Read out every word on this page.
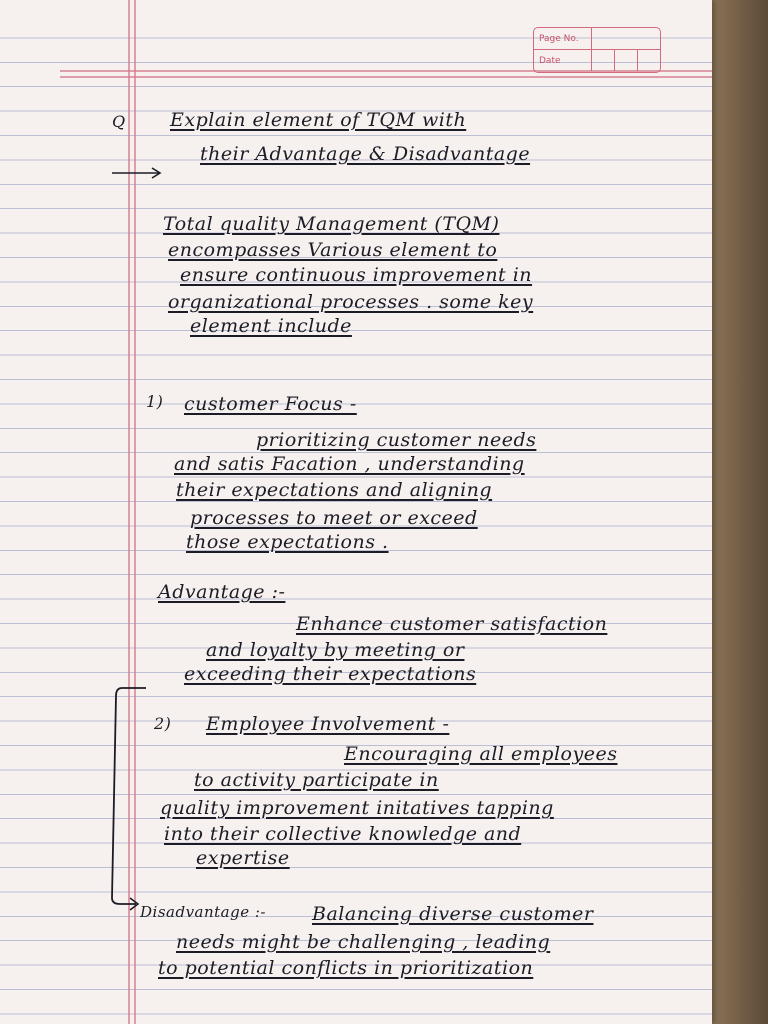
Page No.
Date
Q Explain element of TQM with
their Advantage & Disadvantage
Total quality Management (TQM)
encompasses Various element to
ensure continuous improvement in
organizational processes . some key
element include
1) customer Focus -
prioritizing customer needs
and satis Facation , understanding
their expectations and aligning
processes to meet or exceed
those expectations .
Advantage :-
Enhance customer satisfaction
and loyalty by meeting or
exceeding their expectations
2) Employee Involvement -
Encouraging all employees
to activity participate in
quality improvement initatives tapping
into their collective knowledge and
expertise
Disadvantage :- Balancing diverse customer
needs might be challenging , leading
to potential conflicts in prioritization
